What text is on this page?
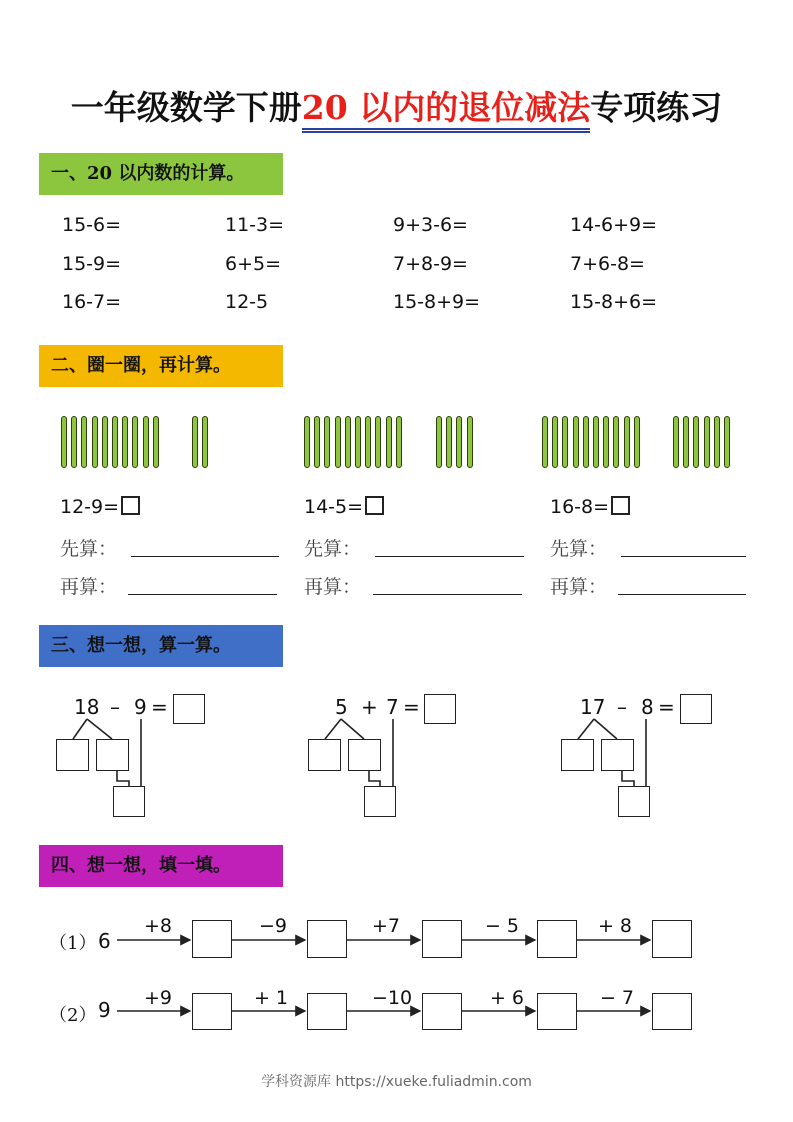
一年级数学下册20 以内的退位减法专项练习
一、20 以内数的计算。
15-6=	11-3=	9+3-6=	14-6+9=
15-9=	6+5=	7+8-9=	7+6-8=
16-7=	12-5	15-8+9=	15-8+6=
二、圈一圈，再计算。
12-9=	14-5=	16-8=
先算：	先算：	先算：
再算：	再算：	再算：
三、想一想，算一算。
18 – 9 =	5 + 7 =	17 – 8 =
四、想一想，填一填。
（1） 6
+8	−9	+7	− 5	+ 8
（2） 9	+9	+ 1	−10	+ 6	− 7
学科资源库 https://xueke.fuliadmin.com
